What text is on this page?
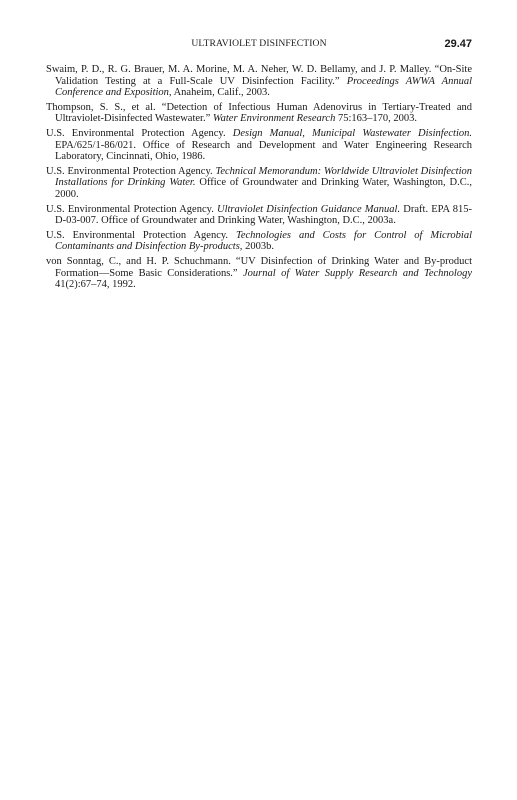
ULTRAVIOLET DISINFECTION	29.47

Swaim, P. D., R. G. Brauer, M. A. Morine, M. A. Neher, W. D. Bellamy, and J. P. Malley. “On-Site Validation Testing at a Full-Scale UV Disinfection Facility.” Proceedings AWWA Annual Conference and Exposition, Anaheim, Calif., 2003.

Thompson, S. S., et al. “Detection of Infectious Human Adenovirus in Tertiary-Treated and Ultraviolet-Disinfected Wastewater.” Water Environment Research 75:163–170, 2003.

U.S. Environmental Protection Agency. Design Manual, Municipal Wastewater Disinfection. EPA/625/1-86/021. Office of Research and Development and Water Engineering Research Laboratory, Cincinnati, Ohio, 1986.

U.S. Environmental Protection Agency. Technical Memorandum: Worldwide Ultraviolet Disinfection Installations for Drinking Water. Office of Groundwater and Drinking Water, Washington, D.C., 2000.

U.S. Environmental Protection Agency. Ultraviolet Disinfection Guidance Manual. Draft. EPA 815-D-03-007. Office of Groundwater and Drinking Water, Washington, D.C., 2003a.

U.S. Environmental Protection Agency. Technologies and Costs for Control of Microbial Contaminants and Disinfection By-products, 2003b.

von Sonntag, C., and H. P. Schuchmann. “UV Disinfection of Drinking Water and By-product Formation—Some Basic Considerations.” Journal of Water Supply Research and Technology 41(2):67–74, 1992.
